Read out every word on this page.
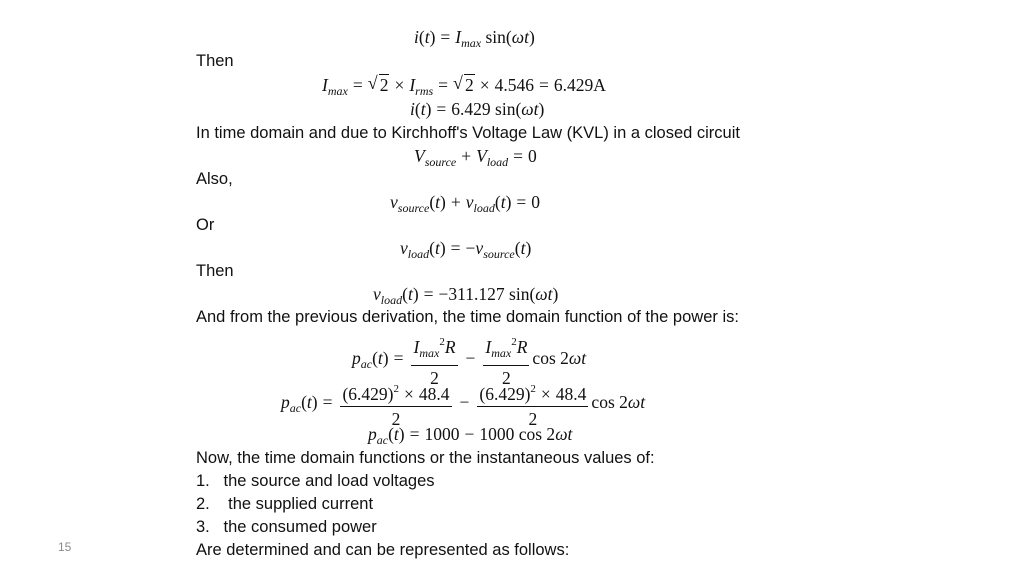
$i(t) = I_{max}$ sin(ωt)
Then
$I_{max}$ = √ $2 \times I_{rms}$ = √ 2 × 4.546 = 6.429A
i(t) = 6.429 sin(ωt)
In time domain and due to Kirchhoff's Voltage Law (KVL) in a closed circuit
$V_{source} + V_{load} = 0$
Also,
$v_{source}(t) + v_{load}(t) = 0$
Or
$v_{load}(t) = -v_{source}(t)$
Then
$v_{load}(t) = -311.127$ sin(ωt)
And from the previous derivation, the time domain function of the power is:
$p_{ac}(t) = \frac{I_{max}^2R}{2} - \frac{I_{max}^2R}{2}$ cos 2ωt
$p_{ac}(t) = \frac{(6.429)^2 \times 48.4}{2} - \frac{(6.429)^2 \times 48.4}{2}$ cos 2ωt
$p_{ac}(t) = 1000 - 1000$ cos 2ωt
Now, the time domain functions or the instantaneous values of:
1. the source and load voltages
2.    the supplied current
3. the consumed power
Are determined and can be represented as follows:
15
